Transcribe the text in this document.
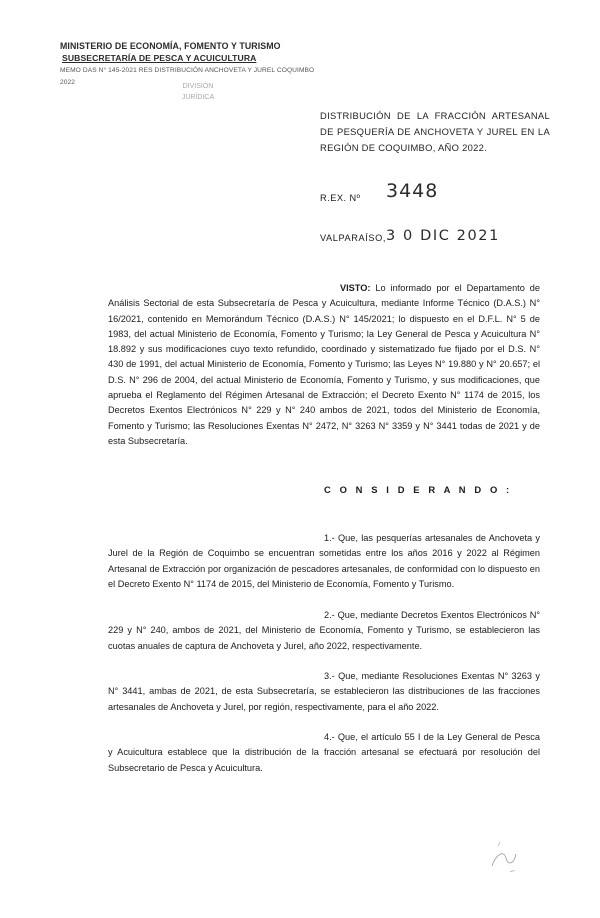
MINISTERIO DE ECONOMÍA, FOMENTO Y TURISMO
SUBSECRETARÍA DE PESCA Y ACUICULTURA
MEMO DAS N° 145-2021 RES DISTRIBUCIÓN ANCHOVETA Y JUREL COQUIMBO 2022
DIVISIÓN
JURÍDICA
DISTRIBUCIÓN DE LA FRACCIÓN ARTESANAL DE PESQUERÍA DE ANCHOVETA Y JUREL EN LA REGIÓN DE COQUIMBO, AÑO 2022.
R.EX. Nº 3448
VALPARAÍSO, 3 0 DIC 2021
VISTO: Lo informado por el Departamento de Análisis Sectorial de esta Subsecretaría de Pesca y Acuicultura, mediante Informe Técnico (D.A.S.) N° 16/2021, contenido en Memorándum Técnico (D.A.S.) N° 145/2021; lo dispuesto en el D.F.L. N° 5 de 1983, del actual Ministerio de Economía, Fomento y Turismo; la Ley General de Pesca y Acuicultura N° 18.892 y sus modificaciones cuyo texto refundido, coordinado y sistematizado fue fijado por el D.S. N° 430 de 1991, del actual Ministerio de Economía, Fomento y Turismo; las Leyes N° 19.880 y N° 20.657; el D.S. N° 296 de 2004, del actual Ministerio de Economía, Fomento y Turismo, y sus modificaciones, que aprueba el Reglamento del Régimen Artesanal de Extracción; el Decreto Exento N° 1174 de 2015, los Decretos Exentos Electrónicos N° 229 y N° 240 ambos de 2021, todos del Ministerio de Economía, Fomento y Turismo; las Resoluciones Exentas N° 2472, N° 3263 N° 3359 y N° 3441 todas de 2021 y de esta Subsecretaría.
C O N S I D E R A N D O :
1.- Que, las pesquerías artesanales de Anchoveta y Jurel de la Región de Coquimbo se encuentran sometidas entre los años 2016 y 2022 al Régimen Artesanal de Extracción por organización de pescadores artesanales, de conformidad con lo dispuesto en el Decreto Exento N° 1174 de 2015, del Ministerio de Economía, Fomento y Turismo.
2.- Que, mediante Decretos Exentos Electrónicos N° 229 y N° 240, ambos de 2021, del Ministerio de Economía, Fomento y Turismo, se establecieron las cuotas anuales de captura de Anchoveta y Jurel, año 2022, respectivamente.
3.- Que, mediante Resoluciones Exentas N° 3263 y N° 3441, ambas de 2021, de esta Subsecretaría, se establecieron las distribuciones de las fracciones artesanales de Anchoveta y Jurel, por región, respectivamente, para el año 2022.
4.- Que, el artículo 55 I de la Ley General de Pesca y Acuicultura establece que la distribución de la fracción artesanal se efectuará por resolución del Subsecretario de Pesca y Acuicultura.
